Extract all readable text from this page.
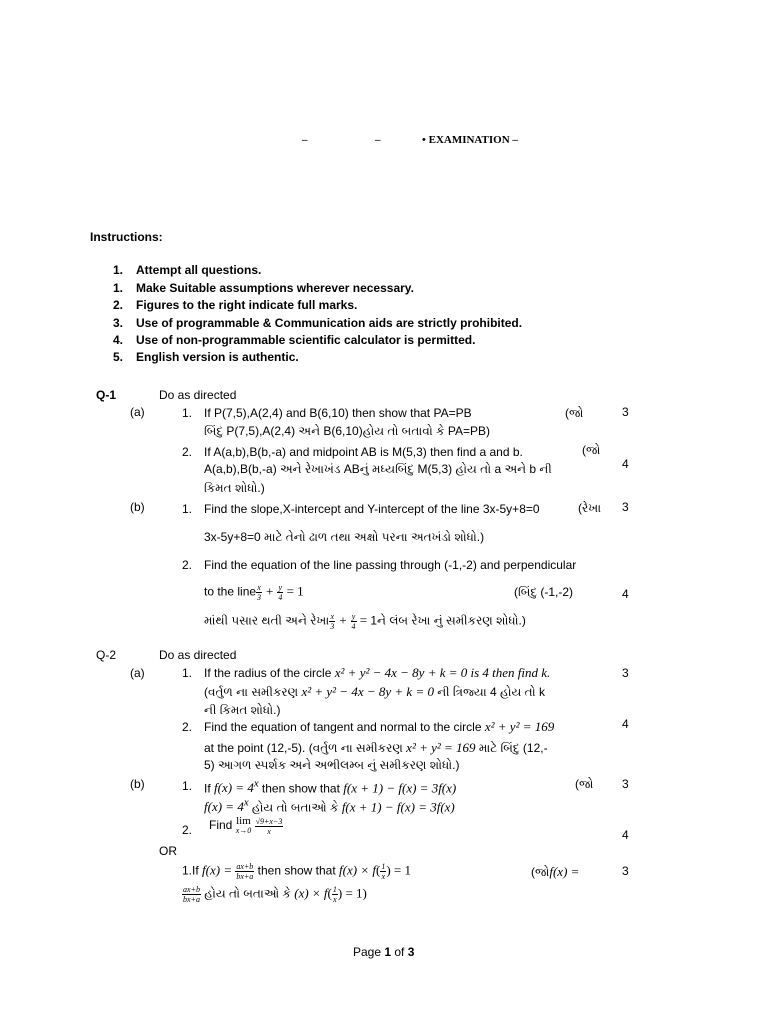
–	–	• EXAMINATION –
Instructions:
1. Attempt all questions.
1. Make Suitable assumptions wherever necessary.
2. Figures to the right indicate full marks.
3. Use of programmable & Communication aids are strictly prohibited.
4. Use of non-programmable scientific calculator is permitted.
5. English version is authentic.
Q-1	Do as directed
(a)	1. If P(7,5),A(2,4) and B(6,10) then show that PA=PB	(જો	3
બિંદુ P(7,5),A(2,4) અને B(6,10)હોય તો બતાવો કે PA=PB)
2. If A(a,b),B(b,-a) and midpoint AB is M(5,3) then find a and b.	(જો
A(a,b),B(b,-a) અને રેખાખંડ ABનું મધ્યબિંદુ M(5,3) હોય તો a અને b ની	4
કિમત શોધો.)
(b)	1. Find the slope,X-intercept and Y-intercept of the line 3x-5y+8=0	(રેખા 3
3x-5y+8=0 માટે તેનો ઢાળ તથા અક્ષો પરના અતખંડો શોધો.)
2. Find the equation of the line passing through (-1,-2) and perpendicular
to the line $\frac{x}{3} + \frac{y}{4} = 1$	(બિંદુ (-1,-2)	4
માંથી પસાર થતી અને રેખા $\frac{x}{3} + \frac{y}{4}$ = 1ને લંબ રેખા નું સમીકરણ શોધો.)
Q-2	Do as directed
(a)	1. If the radius of the circle x² + y² − 4x − 8y + k = 0 is 4 then find k.	3
(વર્તુળ ના સમીકરણ x² + y² − 4x − 8y + k = 0 ની ત્રિજ્યા 4 હોય તો k
ની કિમત શોધો.)
2. Find the equation of tangent and normal to the circle x² + y² = 169	4
at the point (12,-5). (વર્તુળ ના સમીકરણ x² + y² = 169 માટે બિંદુ (12,-
5) આગળ સ્પર્શક અને અભીલમ્બ નું સમીકરણ શોધો.)
(b)	1. If $f(x) = 4^x$ then show that f(x + 1) − f(x) = 3f(x)	(જો 3
$f(x) = 4^x$ હોય તો બતાઓ કે f(x + 1) − f(x) = 3f(x)
2. Find lim
x→0
$\frac{√9+x-3}{x}$	4
OR
1.If $f(x) = \frac{ax+b}{bx+a}$ then show that $f(x) \times f( \frac{1}{x}$ ) = 1	(જોf(x) =	3
$\frac{ax+b}{bx+a}$ હોય તો બતાઓ કે $(x) \times f( \frac{1}{x}$ ) = 1)
Page 1 of 3
